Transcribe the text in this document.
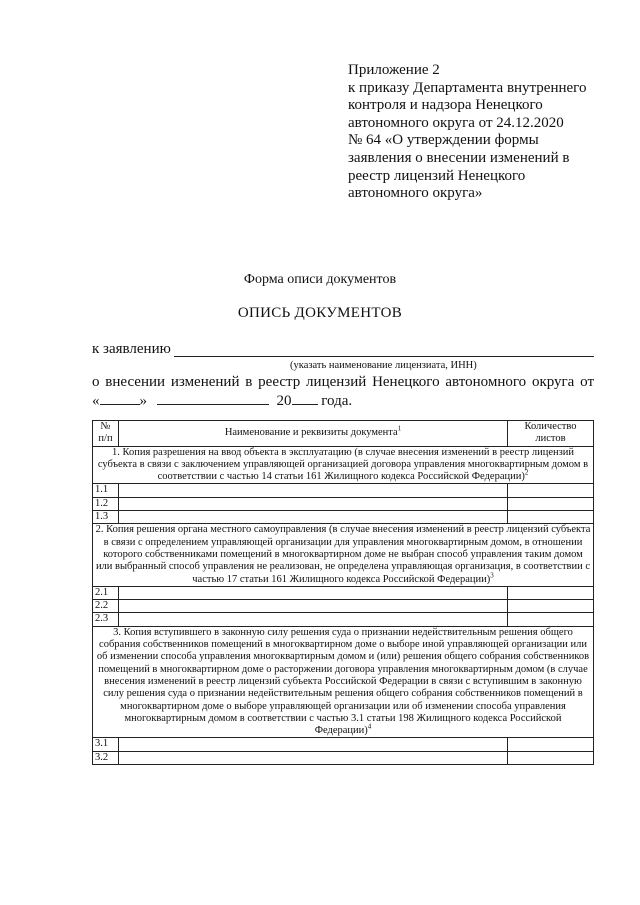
Приложение 2
к приказу Департамента внутреннего
контроля и надзора Ненецкого
автономного округа от 24.12.2020
№ 64 «О утверждении формы
заявления о внесении изменений в
реестр лицензий Ненецкого
автономного округа»
Форма описи документов
ОПИСЬ ДОКУМЕНТОВ
к заявлению
(указать наименование лицензиата, ИНН)
о внесении изменений в реестр лицензий Ненецкого автономного округа от
«	»	20 года.
№ п/п	Наименование и реквизиты документа$^1$	Количество листов
1. Копия разрешения на ввод объекта в эксплуатацию (в случае внесения изменений в реестр лицензий субъекта в связи с заключением управляющей организацией договора управления многоквартирным домом в соответствии с частью 14 статьи 161 Жилищного кодекса Российской Федерации)$^2$
1.1		
1.2		
1.3		
2. Копия решения органа местного самоуправления (в случае внесения изменений в реестр лицензий субъекта в связи с определением управляющей организации для управления многоквартирным домом, в отношении которого собственниками помещений в многоквартирном доме не выбран способ управления таким домом или выбранный способ управления не реализован, не определена управляющая организация, в соответствии с частью 17 статьи 161 Жилищного кодекса Российской Федерации)$^3$
2.1		
2.2		
2.3		
3. Копия вступившего в законную силу решения суда о признании недействительным решения общего собрания собственников помещений в многоквартирном доме о выборе иной управляющей организации или об изменении способа управления многоквартирным домом и (или) решения общего собрания собственников помещений в многоквартирном доме о расторжении договора управления многоквартирным домом (в случае внесения изменений в реестр лицензий субъекта Российской Федерации в связи с вступившим в законную силу решения суда о признании недействительным решения общего собрания собственников помещений в многоквартирном доме о выборе управляющей организации или об изменении способа управления многоквартирным домом в соответствии с частью 3.1 статьи 198 Жилищного кодекса Российской Федерации)$^4$
3.1		
3.2		
